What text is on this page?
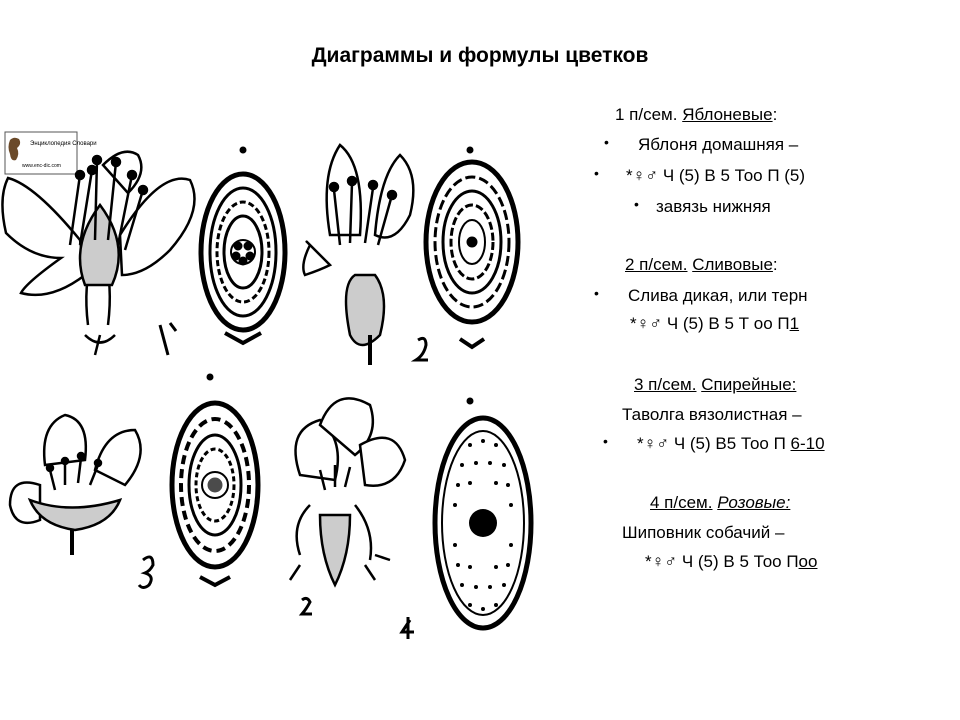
Диаграммы и формулы цветков
Энциклопедия Словари
www.enc-dic.com
1 п/сем. Яблоневые:
• Яблоня домашняя –
• *♀♂ Ч (5) В 5 Тоо П (5)
• завязь нижняя
2 п/сем. Сливовые:
• Слива дикая, или терн
*♀♂ Ч (5) В 5 Т оо П1
3 п/сем. Спирейные:
Таволга вязолистная –
• *♀♂ Ч (5) В5 Тоо П 6-10
4 п/сем. Розовые:
Шиповник собачий –
*♀♂ Ч (5) В 5 Тоо Поо
